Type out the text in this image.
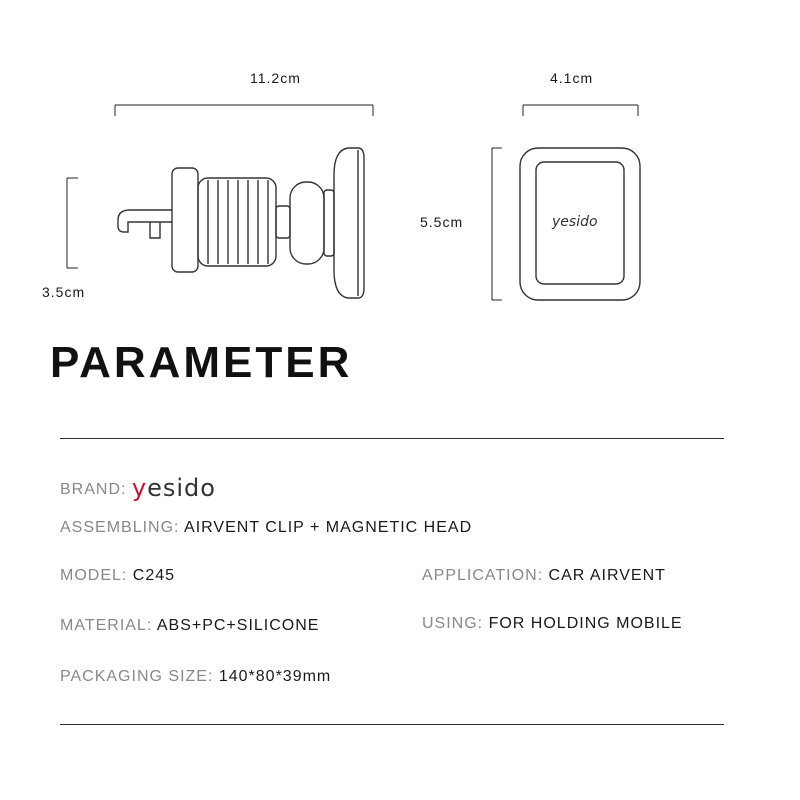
11.2cm
3.5cm
4.1cm
5.5cm	yesido
PARAMETER
BRAND: yesido
ASSEMBLING: AIRVENT CLIP + MAGNETIC HEAD
MODEL: C245	APPLICATION: CAR AIRVENT
MATERIAL: ABS+PC+SILICONE	USING: FOR HOLDING MOBILE
PACKAGING SIZE: 140*80*39mm
